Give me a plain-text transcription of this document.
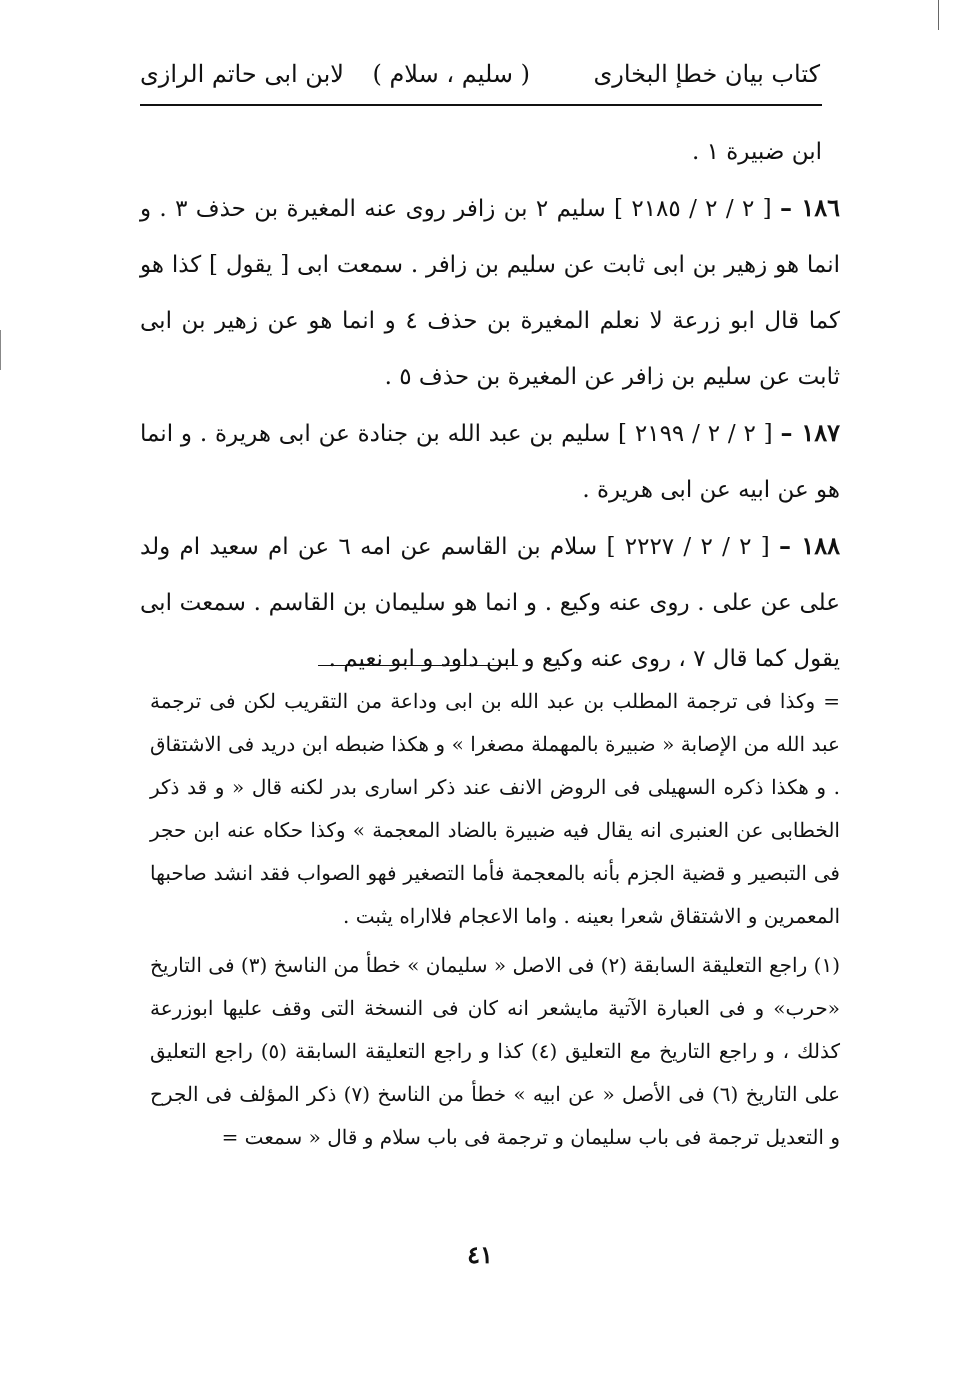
كتاب بيان خطإ البخارى
( سليم ، سلام )
لابن ابى حاتم الرازى

ابن ضبيرة ١ .

١٨٦ – [ ٢ / ٢ / ٢١٨٥ ] سليم ٢ بن زافر روى عنه المغيرة بن حذف ٣ . و انما هو زهير بن ابى ثابت عن سليم بن زافر . سمعت ابى [ يقول ] كذا هو كما قال ابو زرعة لا نعلم المغيرة بن حذف ٤ و انما هو عن زهير بن ابى ثابت عن سليم بن زافر عن المغيرة بن حذف ٥ .

١٨٧ – [ ٢ / ٢ / ٢١٩٩ ] سليم بن عبد الله بن جنادة عن ابى هريرة . و انما هو عن ابيه عن ابى هريرة .

١٨٨ – [ ٢ / ٢ / ٢٢٢٧ ] سلام بن القاسم عن امه ٦ عن ام سعيد ام ولد على عن على . روى عنه وكيع . و انما هو سليمان بن القاسم . سمعت ابى يقول كما قال ٧ ، روى عنه وكيع و ابن داود و ابو نعيم .

= وكذا فى ترجمة المطلب بن عبد الله بن ابى وداعة من التقريب لكن فى ترجمة عبد الله من الإصابة « ضبيرة بالمهملة مصغرا » و هكذا ضبطه ابن دريد فى الاشتقاق . و هكذا ذكره السهيلى فى الروض الانف عند ذكر اسارى بدر لكنه قال « و قد ذكر الخطابى عن العنبرى انه يقال فيه ضبيرة بالضاد المعجمة » وكذا حكاه عنه ابن حجر فى التبصير و قضية الجزم بأنه بالمعجمة فأما التصغير فهو الصواب فقد انشد صاحبها المعمرين و الاشتقاق شعرا بعينه . واما الاعجام فلااراه يثبت .

(١) راجع التعليقة السابقة (٢) فى الاصل « سليمان » خطأ من الناسخ (٣) فى التاريخ «حرب» و فى العبارة الآتية مايشعر انه كان فى النسخة التى وقف عليها ابوزرعة كذلك ، و راجع التاريخ مع التعليق (٤) كذا و راجع التعليقة السابقة (٥) راجع التعليق على التاريخ (٦) فى الأصل « عن ابيه » خطأ من الناسخ (٧) ذكر المؤلف فى الجرح و التعديل ترجمة فى باب سليمان و ترجمة فى باب سلام و قال « سمعت =

٤١
